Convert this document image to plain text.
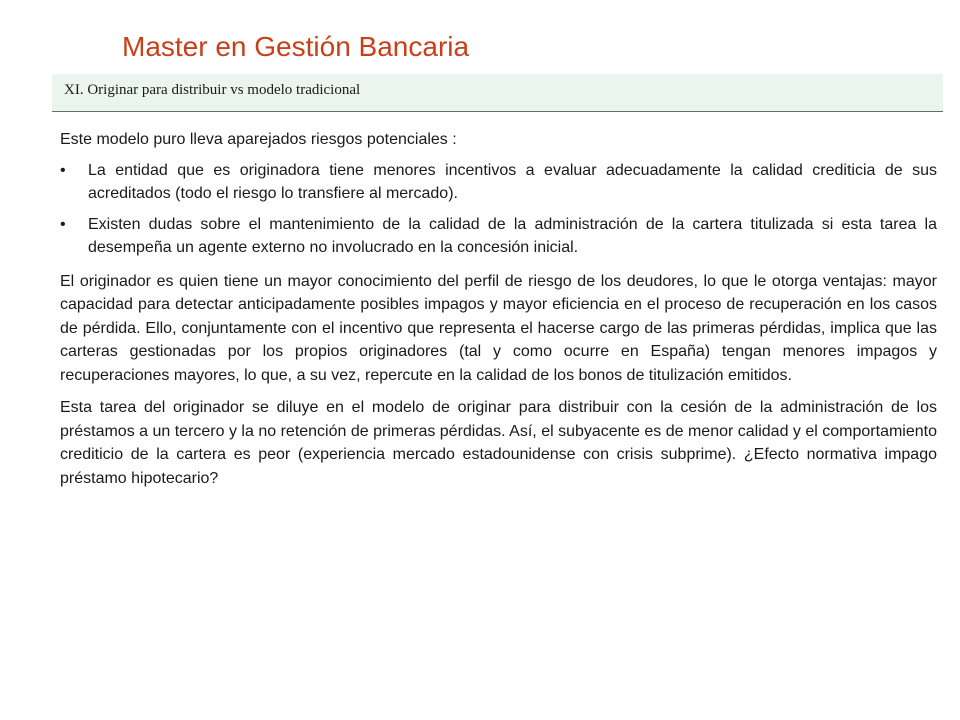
Master en Gestión Bancaria
XI. Originar para distribuir vs modelo tradicional

Este modelo puro lleva aparejados riesgos potenciales :

• La entidad que es originadora tiene menores incentivos a evaluar adecuadamente la calidad crediticia de sus acreditados (todo el riesgo lo transfiere al mercado).
• Existen dudas sobre el mantenimiento de la calidad de la administración de la cartera titulizada si esta tarea la desempeña un agente externo no involucrado en la concesión inicial.

El originador es quien tiene un mayor conocimiento del perfil de riesgo de los deudores, lo que le otorga ventajas: mayor capacidad para detectar anticipadamente posibles impagos y mayor eficiencia en el proceso de recuperación en los casos de pérdida. Ello, conjuntamente con el incentivo que representa el hacerse cargo de las primeras pérdidas, implica que las carteras gestionadas por los propios originadores (tal y como ocurre en España) tengan menores impagos y recuperaciones mayores, lo que, a su vez, repercute en la calidad de los bonos de titulización emitidos.

Esta tarea del originador se diluye en el modelo de originar para distribuir con la cesión de la administración de los préstamos a un tercero y la no retención de primeras pérdidas. Así, el subyacente es de menor calidad y el comportamiento crediticio de la cartera es peor (experiencia mercado estadounidense con crisis subprime). ¿Efecto normativa impago préstamo hipotecario?
